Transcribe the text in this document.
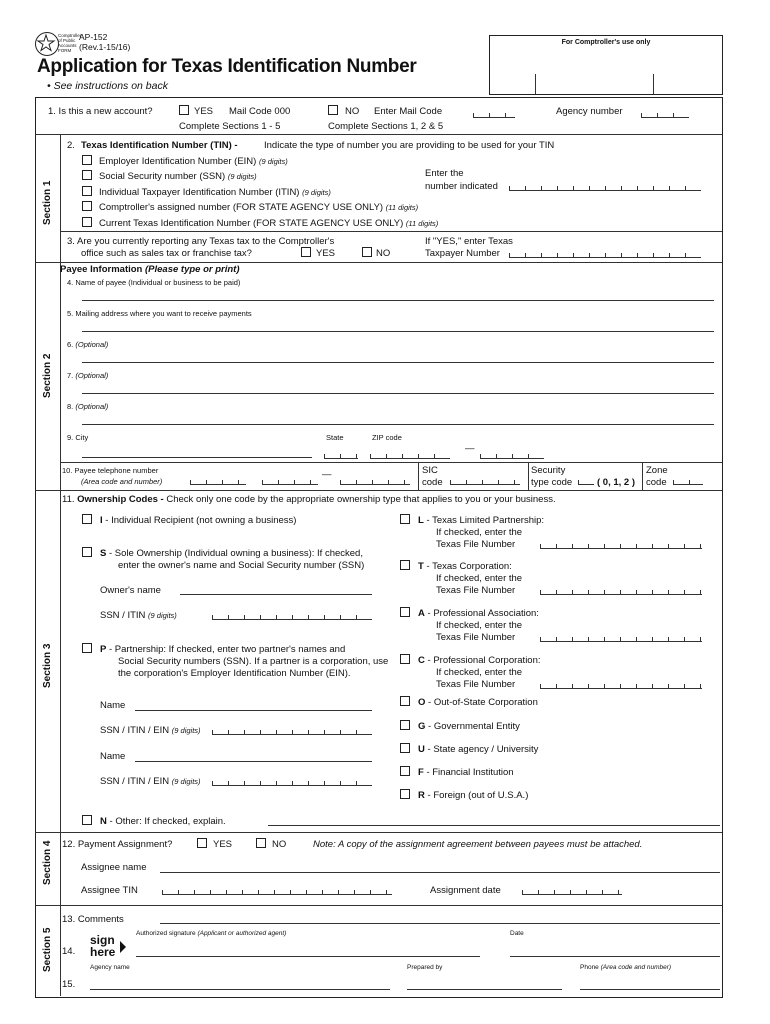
Comptroller of Public Accounts FORM
AP-152
(Rev.1-15/16)
Application for Texas Identification Number
• See instructions on back
For Comptroller's use only
1. Is this a new account?	YES Mail Code 000
Complete Sections 1 - 5
NO Enter Mail Code
Complete Sections 1, 2 & 5
Agency number
Section 1
Section 2
Section 3
Section 4
Section 5
2. Texas Identification Number (TIN) -	Indicate the type of number you are providing to be used for your TIN
Employer Identification Number (EIN) (9 digits)
Social Security number (SSN) (9 digits)
Individual Taxpayer Identification Number (ITIN) (9 digits)
Comptroller's assigned number (FOR STATE AGENCY USE ONLY) (11 digits)
Current Texas Identification Number (FOR STATE AGENCY USE ONLY) (11 digits)
Enter the
number indicated
3. Are you currently reporting any Texas tax to the Comptroller's
office such as sales tax or franchise tax?	YES	NO
If "YES," enter Texas
Taxpayer Number
Payee Information (Please type or print)
4. Name of payee (Individual or business to be paid)
5. Mailing address where you want to receive payments
6. (Optional)
7. (Optional)
8. (Optional)
9. City	State	ZIP code
—
10. Payee telephone number
(Area code and number)
—	SIC
code
Security
type code	( 0, 1, 2 )
Zone
code
11. Ownership Codes - Check only one code by the appropriate ownership type that applies to you or your business.
I - Individual Recipient (not owning a business)
S - Sole Ownership (Individual owning a business): If checked,
enter the owner's name and Social Security number (SSN)
Owner's name
SSN / ITIN (9 digits)
P - Partnership: If checked, enter two partner's names and
Social Security numbers (SSN). If a partner is a corporation, use
the corporation's Employer Identification Number (EIN).
Name
SSN / ITIN / EIN (9 digits)
Name
SSN / ITIN / EIN (9 digits)
N - Other: If checked, explain.
L - Texas Limited Partnership:
If checked, enter the
Texas File Number
T - Texas Corporation:
If checked, enter the
Texas File Number
A - Professional Association:
If checked, enter the
Texas File Number
C - Professional Corporation:
If checked, enter the
Texas File Number
O - Out-of-State Corporation
G - Governmental Entity
U - State agency / University
F - Financial Institution
R - Foreign (out of U.S.A.)
12. Payment Assignment?	YES	NO	Note: A copy of the assignment agreement between payees must be attached.
Assignee name
Assignee TIN	Assignment date
13. Comments
14.
sign
here
Authorized signature (Applicant or authorized agent)	Date
Agency name	Prepared by	Phone (Area code and number)
15.
